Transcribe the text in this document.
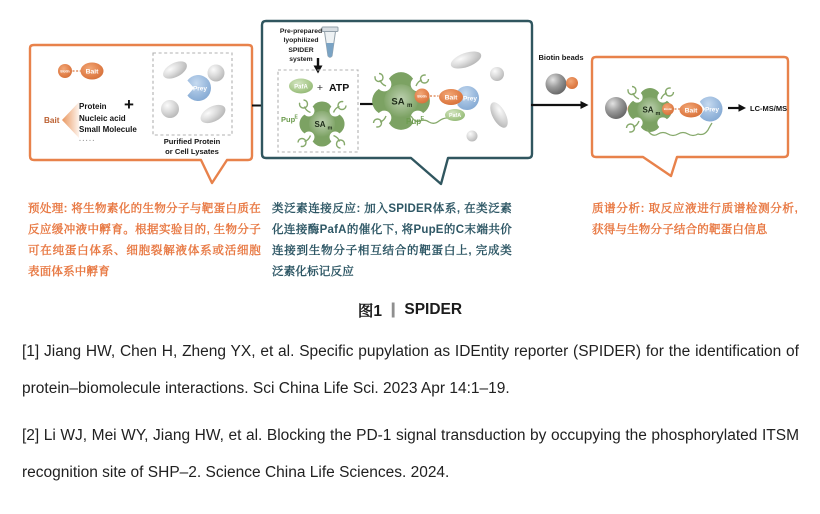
Biotin Bait
Bait
Prey	PafA + ATP
Pup E
SA m
SA m
Biotin	Bait Prey
PafA
Pup E
Biotin beads
SA m
Biotin Bait Prey	LC-MS/MS
Pre-prepared
lyophilized
SPIDER system
Protein
Nucleic acid
Small Molecule
·····
+
Purified Protein
or Cell Lysates
预处理: 将生物素化的生物分子与靶蛋白质在反应缓冲液中孵育。根据实验目的, 生物分子可在纯蛋白体系、细胞裂解液体系或活细胞表面体系中孵育
类泛素连接反应: 加入SPIDER体系, 在类泛素化连接酶PafA的催化下, 将PupE的C末端共价连接到生物分子相互结合的靶蛋白上, 完成类泛素化标记反应
质谱分析: 取反应液进行质谱检测分析, 获得与生物分子结合的靶蛋白信息
图1 | SPIDER

[1] Jiang HW, Chen H, Zheng YX, et al. Specific pupylation as IDEntity reporter (SPIDER) for the identification of protein–biomolecule interactions. Sci China Life Sci. 2023 Apr 14:1–19.

[2] Li WJ, Mei WY, Jiang HW, et al. Blocking the PD-1 signal transduction by occupying the phosphorylated ITSM recognition site of SHP–2. Science China Life Sciences. 2024.
